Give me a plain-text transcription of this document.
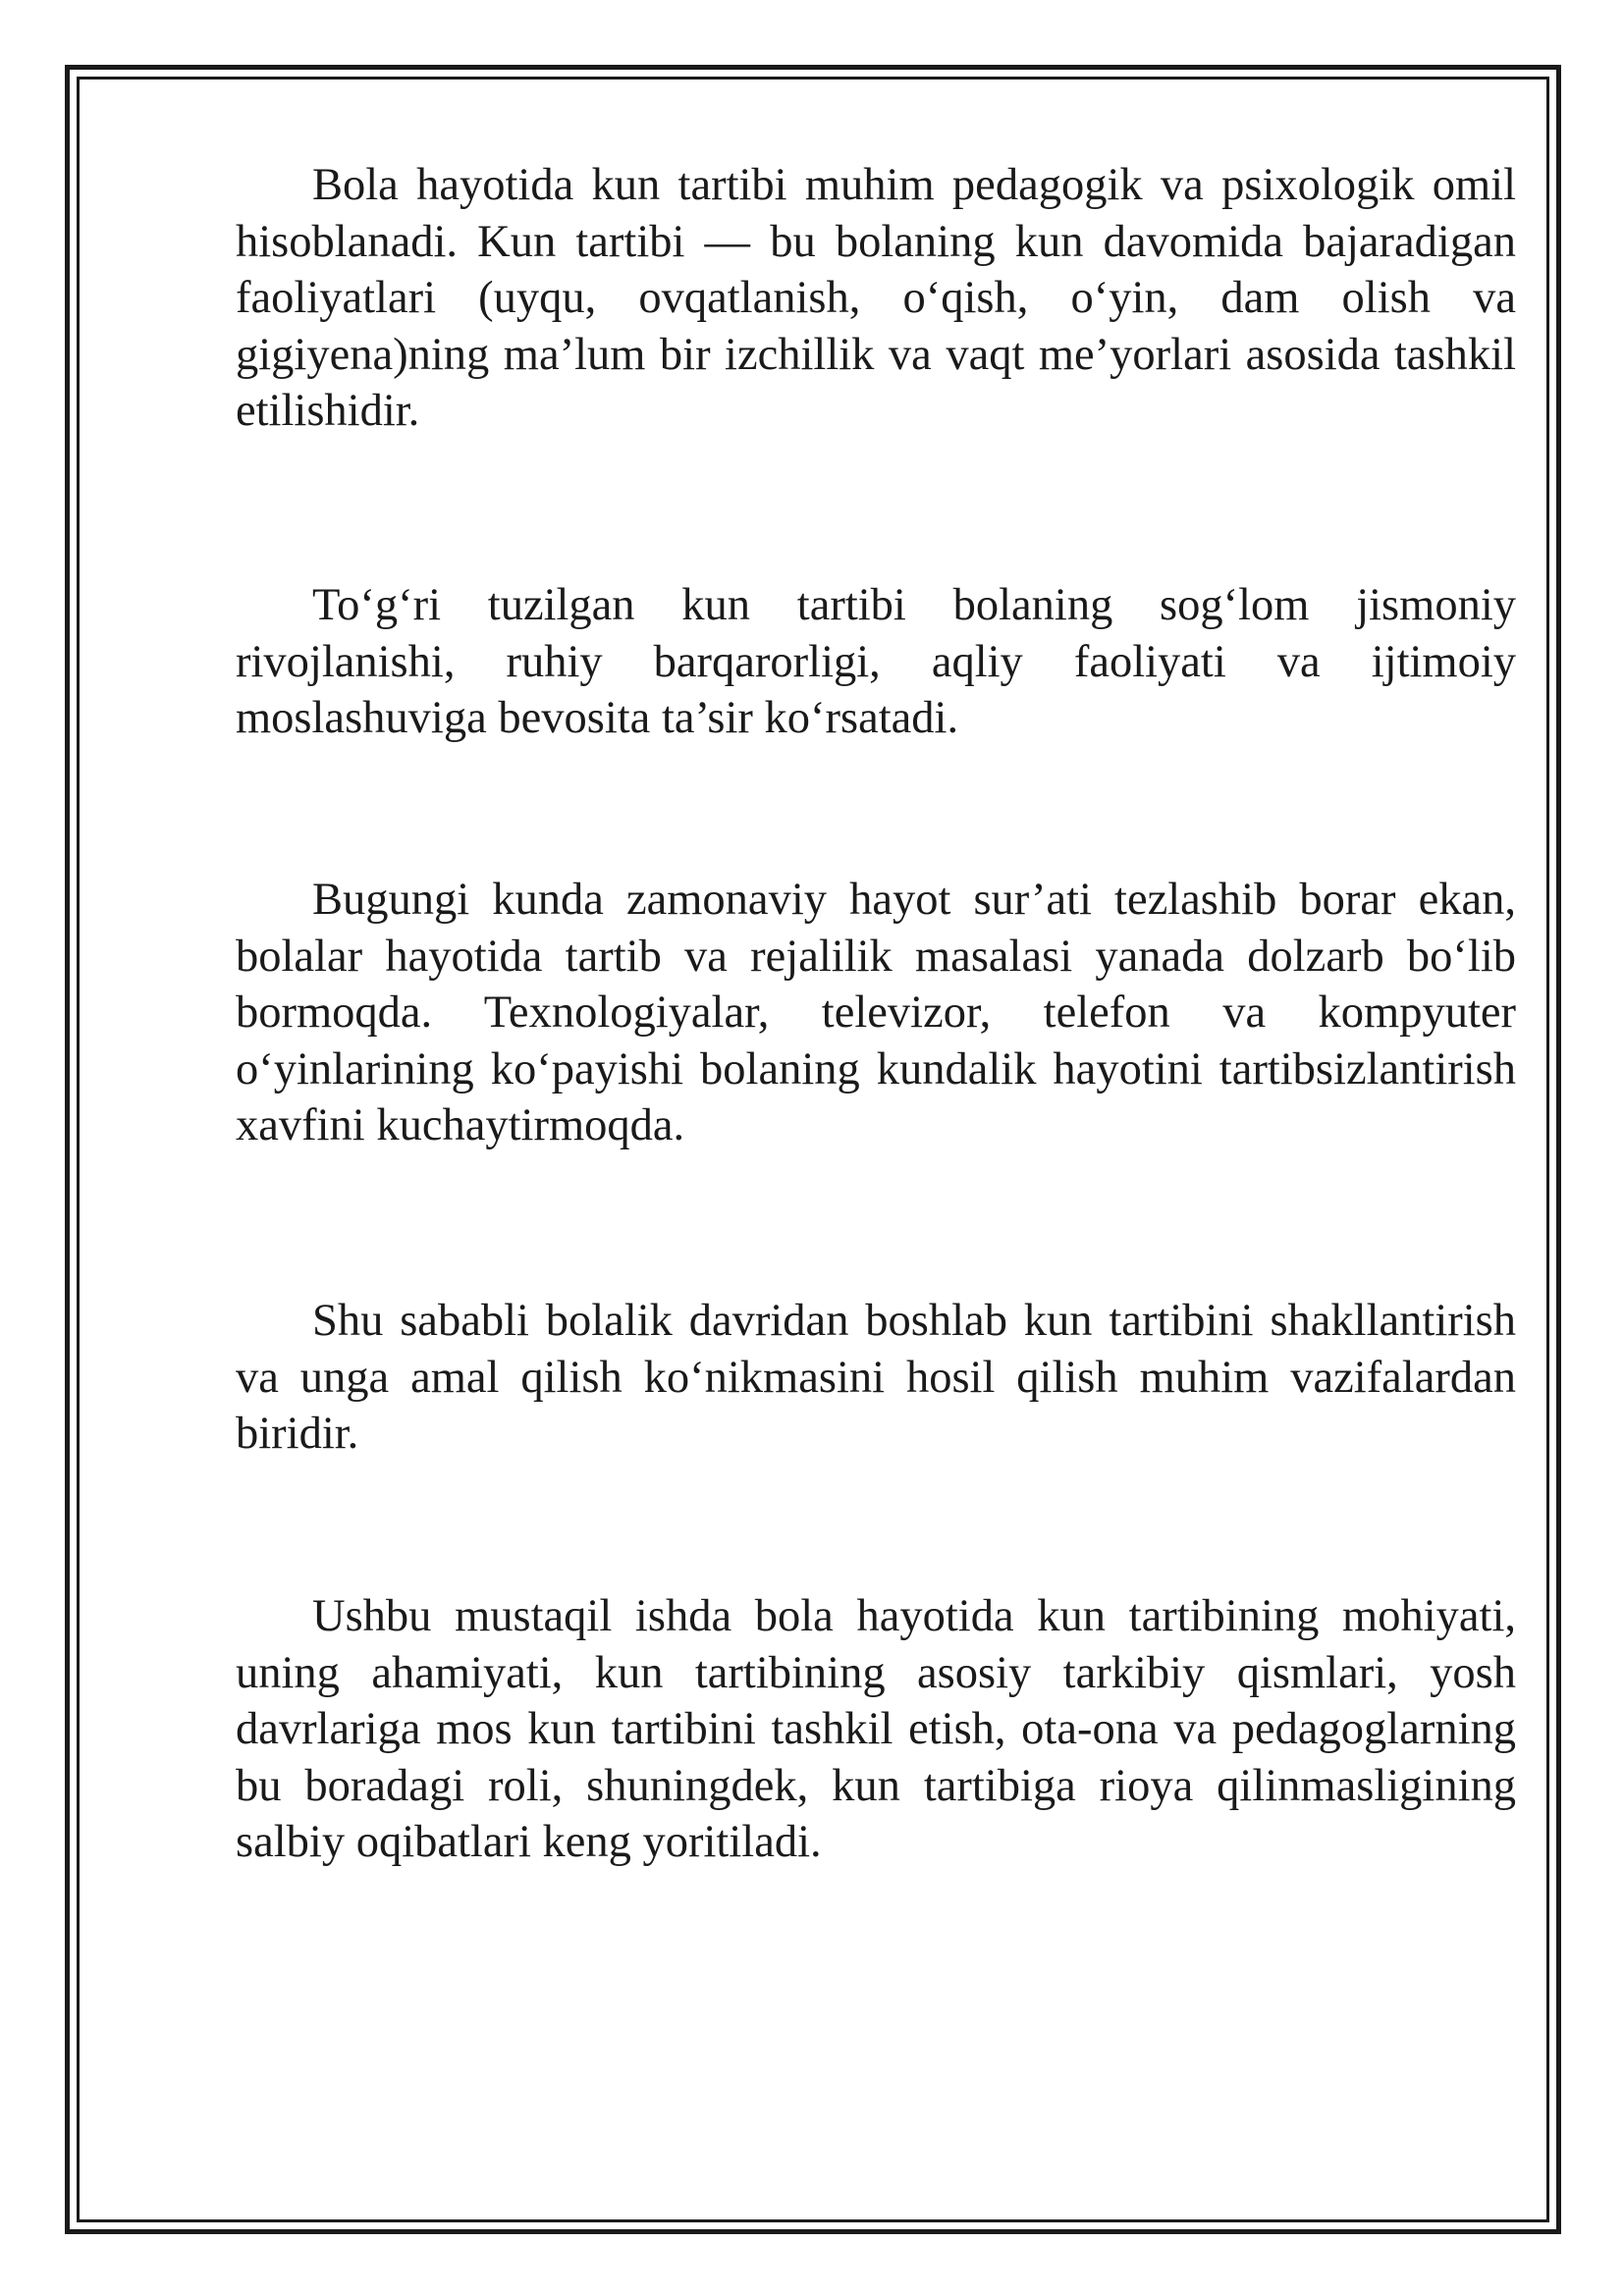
Bola hayotida kun tartibi muhim pedagogik va psixologik omil hisoblanadi. Kun tartibi — bu bolaning kun davomida bajaradigan faoliyatlari (uyqu, ovqatlanish, o‘qish, o‘yin, dam olish va gigiyena)ning ma’lum bir izchillik va vaqt me’yorlari asosida tashkil etilishidir.

To‘g‘ri tuzilgan kun tartibi bolaning sog‘lom jismoniy rivojlanishi, ruhiy barqarorligi, aqliy faoliyati va ijtimoiy moslashuviga bevosita ta’sir ko‘rsatadi.

Bugungi kunda zamonaviy hayot sur’ati tezlashib borar ekan, bolalar hayotida tartib va rejalilik masalasi yanada dolzarb bo‘lib bormoqda. Texnologiyalar, televizor, telefon va kompyuter o‘yinlarining ko‘payishi bolaning kundalik hayotini tartibsizlantirish xavfini kuchaytirmoqda.

Shu sababli bolalik davridan boshlab kun tartibini shakllantirish va unga amal qilish ko‘nikmasini hosil qilish muhim vazifalardan biridir.

Ushbu mustaqil ishda bola hayotida kun tartibining mohiyati, uning ahamiyati, kun tartibining asosiy tarkibiy qismlari, yosh davrlariga mos kun tartibini tashkil etish, ota-ona va pedagoglarning bu boradagi roli, shuningdek, kun tartibiga rioya qilinmasligining salbiy oqibatlari keng yoritiladi.
